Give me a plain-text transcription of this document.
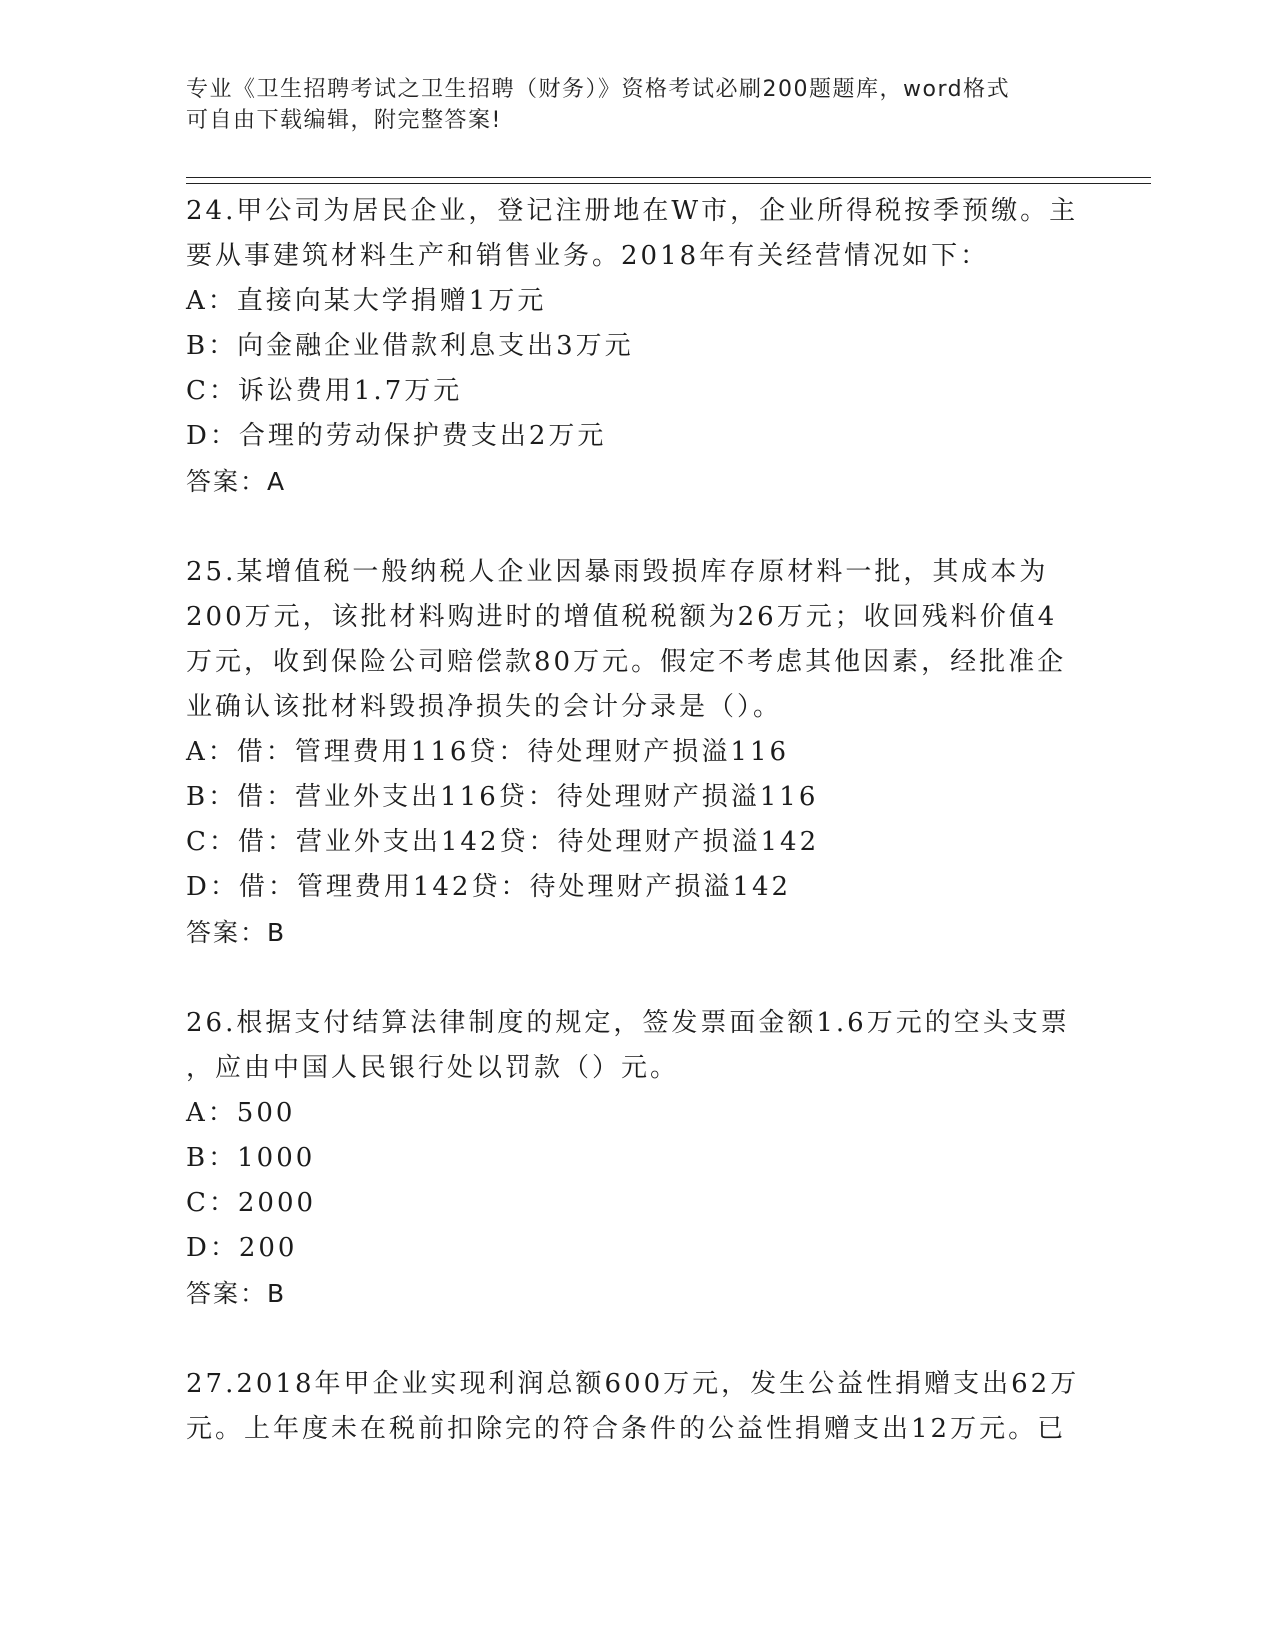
专业《卫生招聘考试之卫生招聘（财务）》资格考试必刷200题题库，word格式
可自由下载编辑，附完整答案!

24.甲公司为居民企业，登记注册地在W市，企业所得税按季预缴。主

要从事建筑材料生产和销售业务。2018年有关经营情况如下：

A：直接向某大学捐赠1万元

B：向金融企业借款利息支出3万元

C：诉讼费用1.7万元

D：合理的劳动保护费支出2万元

答案：A

25.某增值税一般纳税人企业因暴雨毁损库存原材料一批，其成本为

200万元，该批材料购进时的增值税税额为26万元；收回残料价值4

万元，收到保险公司赔偿款80万元。假定不考虑其他因素，经批准企

业确认该批材料毁损净损失的会计分录是（）。

A：借：管理费用116贷：待处理财产损溢116

B：借：营业外支出116贷：待处理财产损溢116

C：借：营业外支出142贷：待处理财产损溢142

D：借：管理费用142贷：待处理财产损溢142

答案：B

26.根据支付结算法律制度的规定，签发票面金额1.6万元的空头支票

，应由中国人民银行处以罚款（）元。

A：500

B：1000

C：2000

D：200

答案：B

27.2018年甲企业实现利润总额600万元，发生公益性捐赠支出62万

元。上年度未在税前扣除完的符合条件的公益性捐赠支出12万元。已
